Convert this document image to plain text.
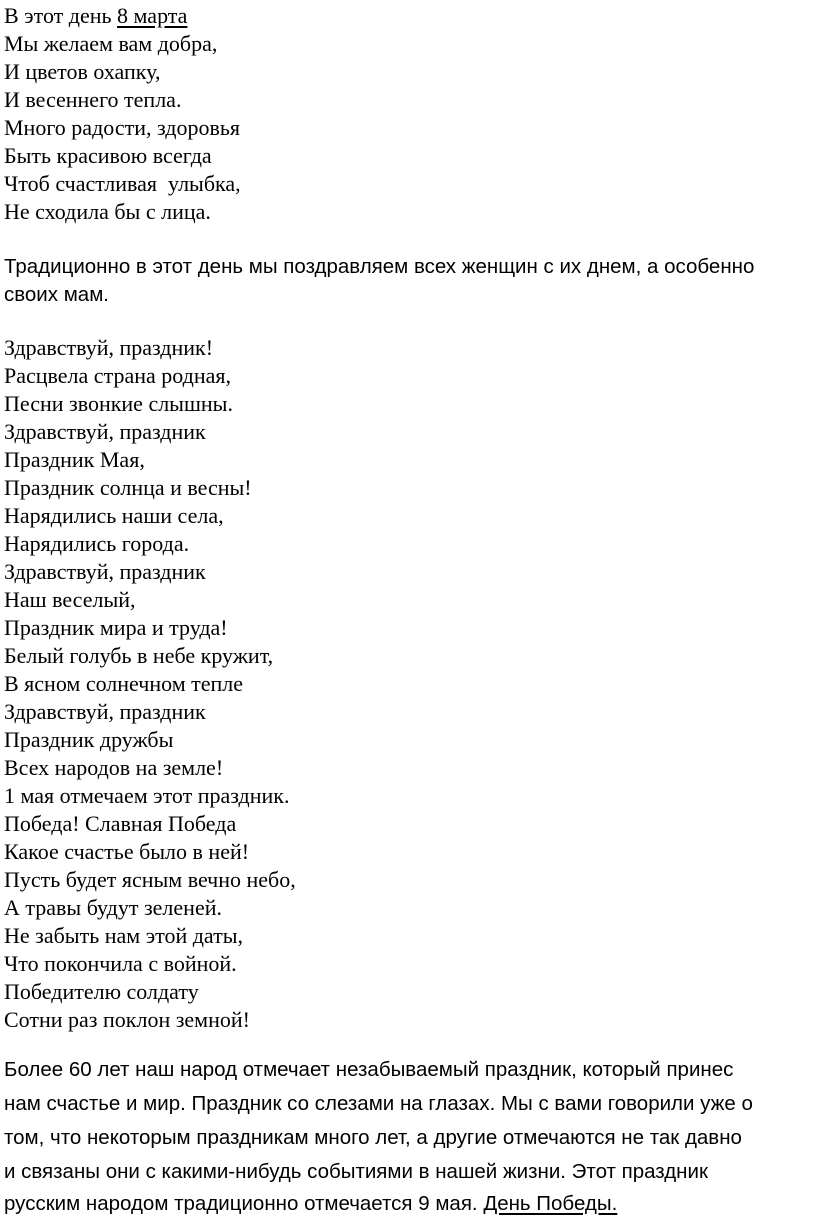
В этот день 8 марта
Мы желаем вам добра,
И цветов охапку,
И весеннего тепла.
Много радости, здоровья
Быть красивою всегда
Чтоб счастливая  улыбка,
Не сходила бы с лица.
Традиционно в этот день мы поздравляем всех женщин с их днем, а особенно
своих мам.
Здравствуй, праздник!
Расцвела страна родная,
Песни звонкие слышны.
Здравствуй, праздник
Праздник Мая,
Праздник солнца и весны!
Нарядились наши села,
Нарядились города.
Здравствуй, праздник
Наш веселый,
Праздник мира и труда!
Белый голубь в небе кружит,
В ясном солнечном тепле
Здравствуй, праздник
Праздник дружбы
Всех народов на земле!
1 мая отмечаем этот праздник.
Победа! Славная Победа
Какое счастье было в ней!
Пусть будет ясным вечно небо,
А травы будут зеленей.
Не забыть нам этой даты,
Что покончила с войной.
Победителю солдату
Сотни раз поклон земной!
Более 60 лет наш народ отмечает незабываемый праздник, который принес
нам счастье и мир. Праздник со слезами на глазах. Мы с вами говорили уже о
том, что некоторым праздникам много лет, а другие отмечаются не так давно
и связаны они с какими-нибудь событиями в нашей жизни. Этот праздник
русским народом традиционно отмечается 9 мая. День Победы.
